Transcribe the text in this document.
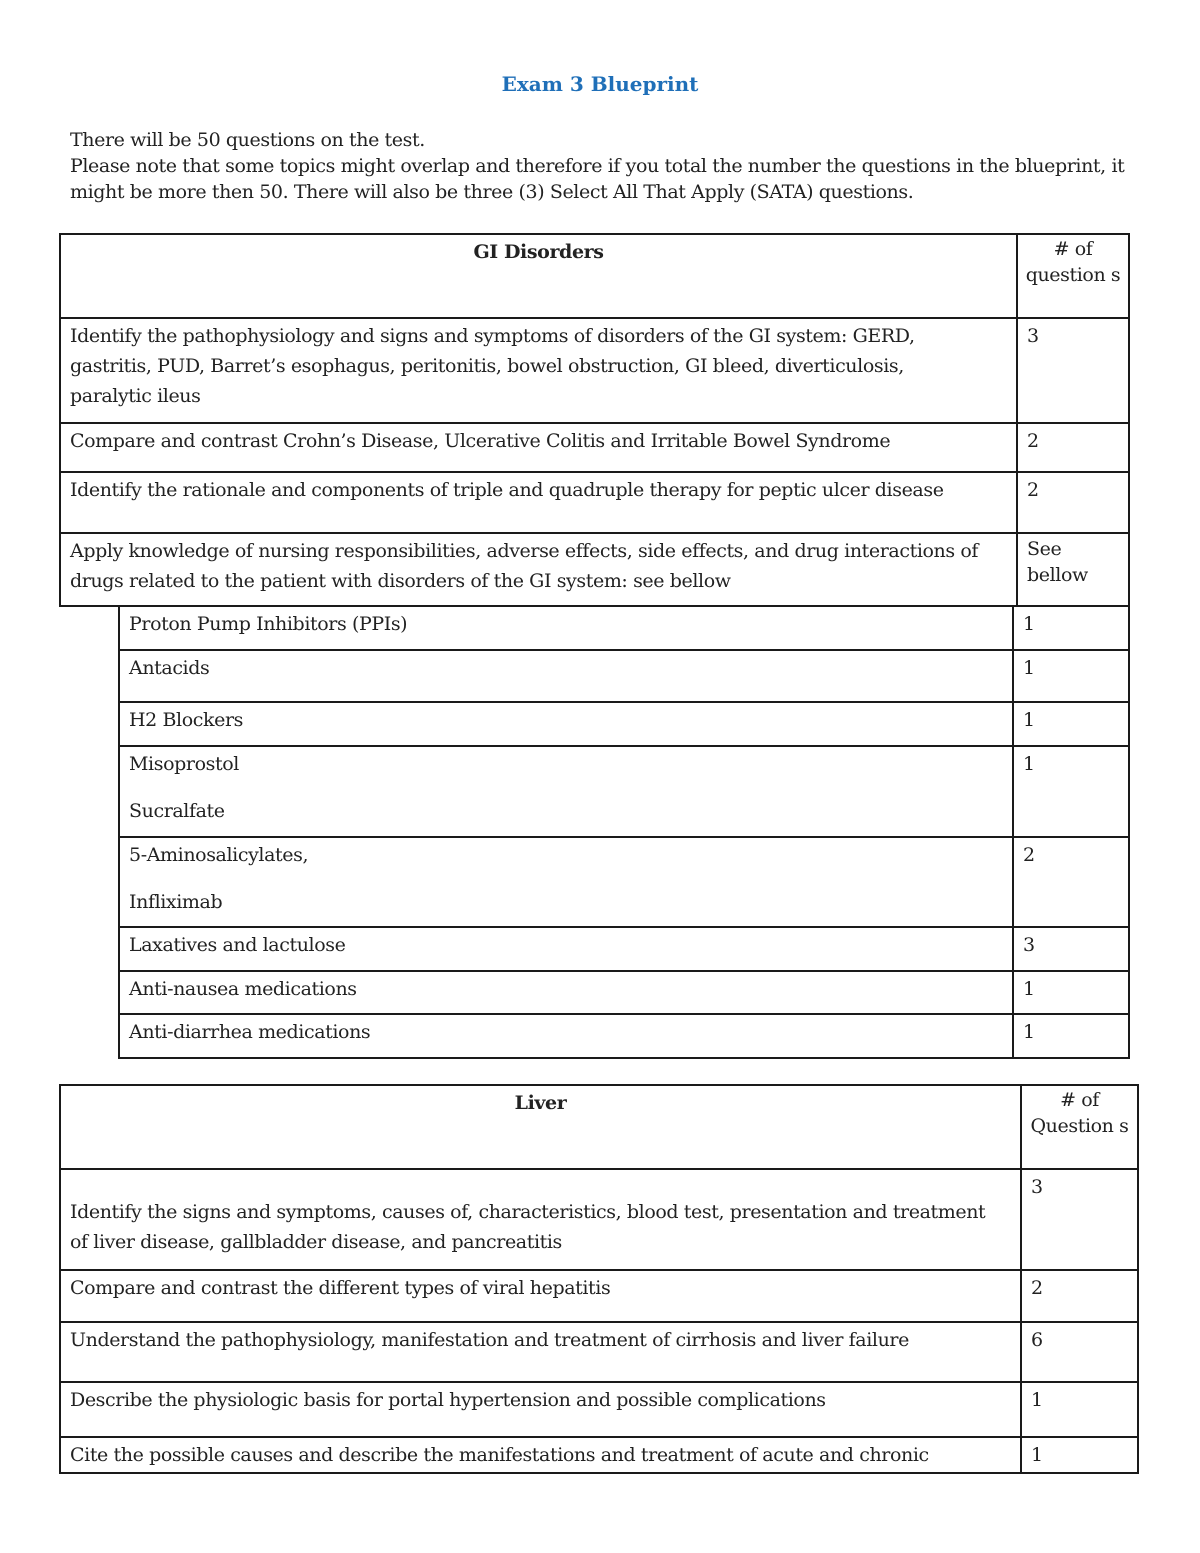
Exam 3 Blueprint
There will be 50 questions on the test.
Please note that some topics might overlap and therefore if you total the number the questions in the blueprint, it
might be more then 50. There will also be three (3) Select All That Apply (SATA) questions.
GI Disorders	# of question s

Identify the pathophysiology and signs and symptoms of disorders of the GI system: GERD,
gastritis, PUD, Barret’s esophagus, peritonitis, bowel obstruction, GI bleed, diverticulosis,
paralytic ileus	3

Compare and contrast Crohn’s Disease, Ulcerative Colitis and Irritable Bowel Syndrome	2

Identify the rationale and components of triple and quadruple therapy for peptic ulcer disease	2

Apply knowledge of nursing responsibilities, adverse effects, side effects, and drug interactions of
drugs related to the patient with disorders of the GI system: see bellow	See bellow
Proton Pump Inhibitors (PPIs)	1
Antacids	1
H2 Blockers	1

Misoprostol
Sucralfate	1

5-Aminosalicylates,
Infliximab	2
Laxatives and lactulose	3
Anti-nausea medications	1
Anti-diarrhea medications	1
Liver	# of Question s

Identify the signs and symptoms, causes of, characteristics, blood test, presentation and treatment
of liver disease, gallbladder disease, and pancreatitis	3

Compare and contrast the different types of viral hepatitis	2

Understand the pathophysiology, manifestation and treatment of cirrhosis and liver failure	6

Describe the physiologic basis for portal hypertension and possible complications	1

Cite the possible causes and describe the manifestations and treatment of acute and chronic	1
